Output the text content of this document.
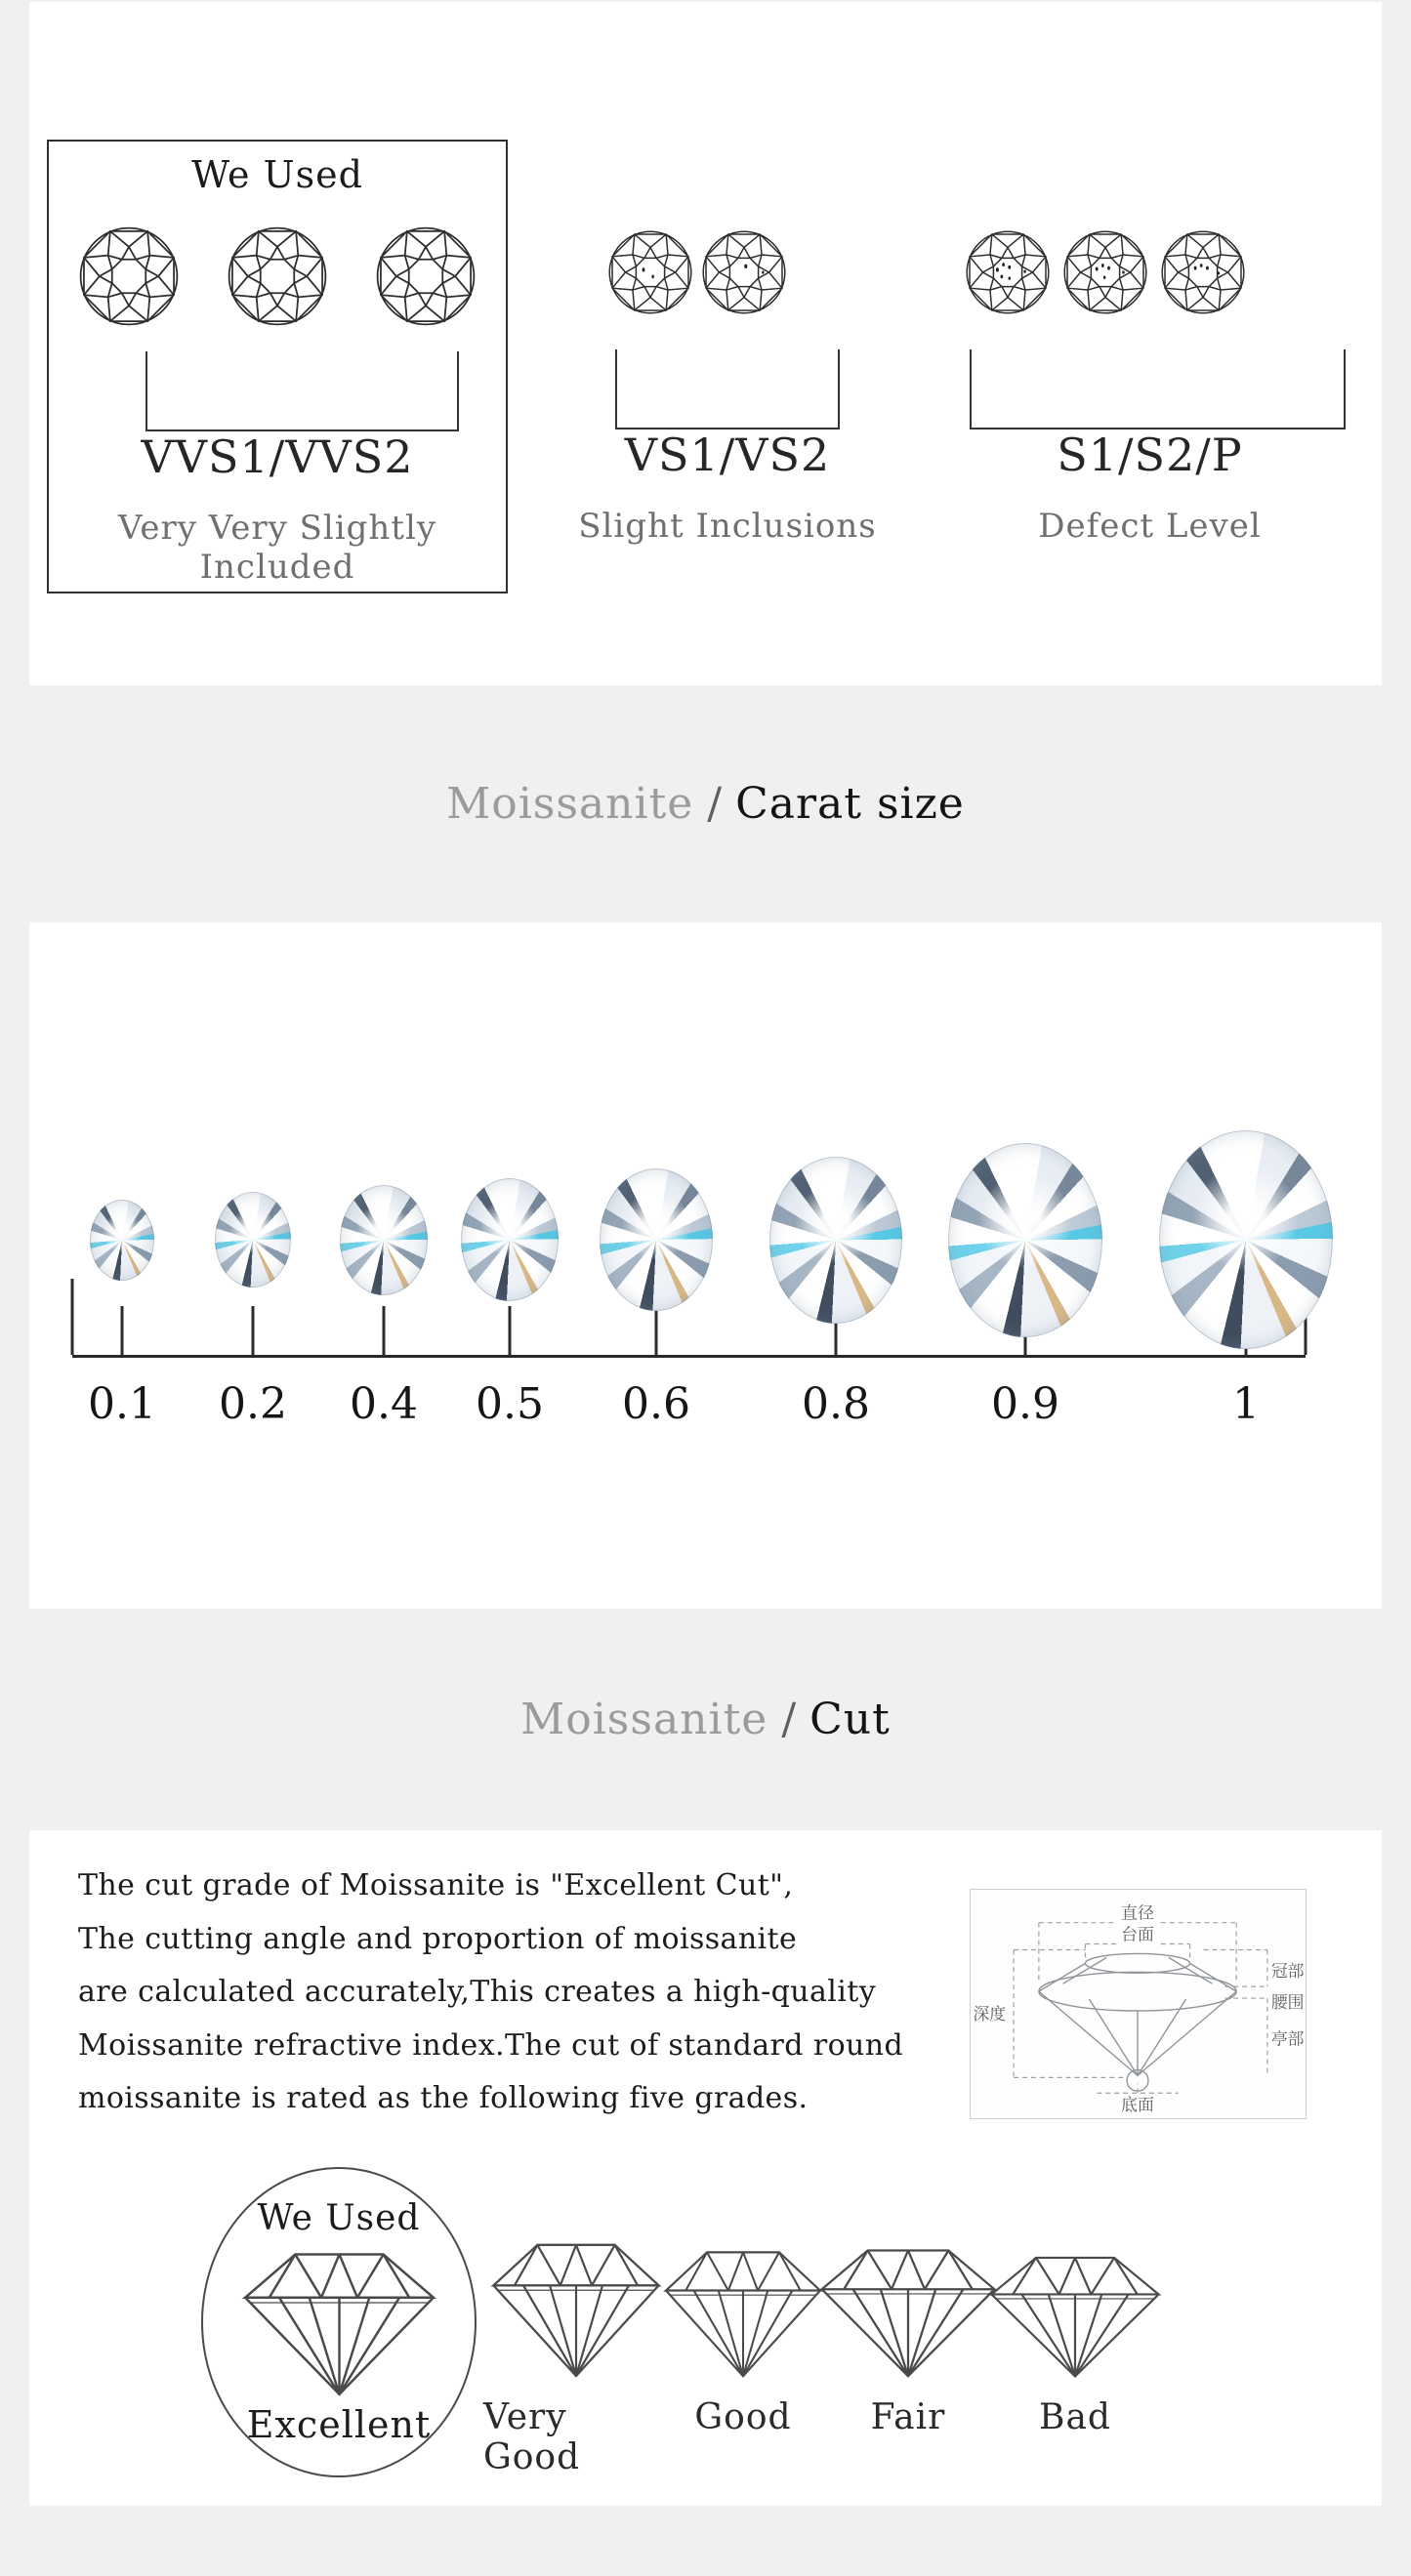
We Used
VVS1/VVS2
Very Very Slightly Included
VS1/VS2
Slight Inclusions
S1/S2/P
Defect Level
Moissanite / Carat size
0.1 0.2 0.4 0.5 0.6	0.8	0.9	1
Moissanite / Cut
The cut grade of Moissanite is "Excellent Cut",
The cutting angle and proportion of moissanite
are calculated accurately,This creates a high-quality
Moissanite refractive index.The cut of standard round
moissanite is rated as the following five grades.
直径
台面
深度
冠部
腰围
亭部
底面
We Used
Excellent Very Good
Good Fair	Bad
